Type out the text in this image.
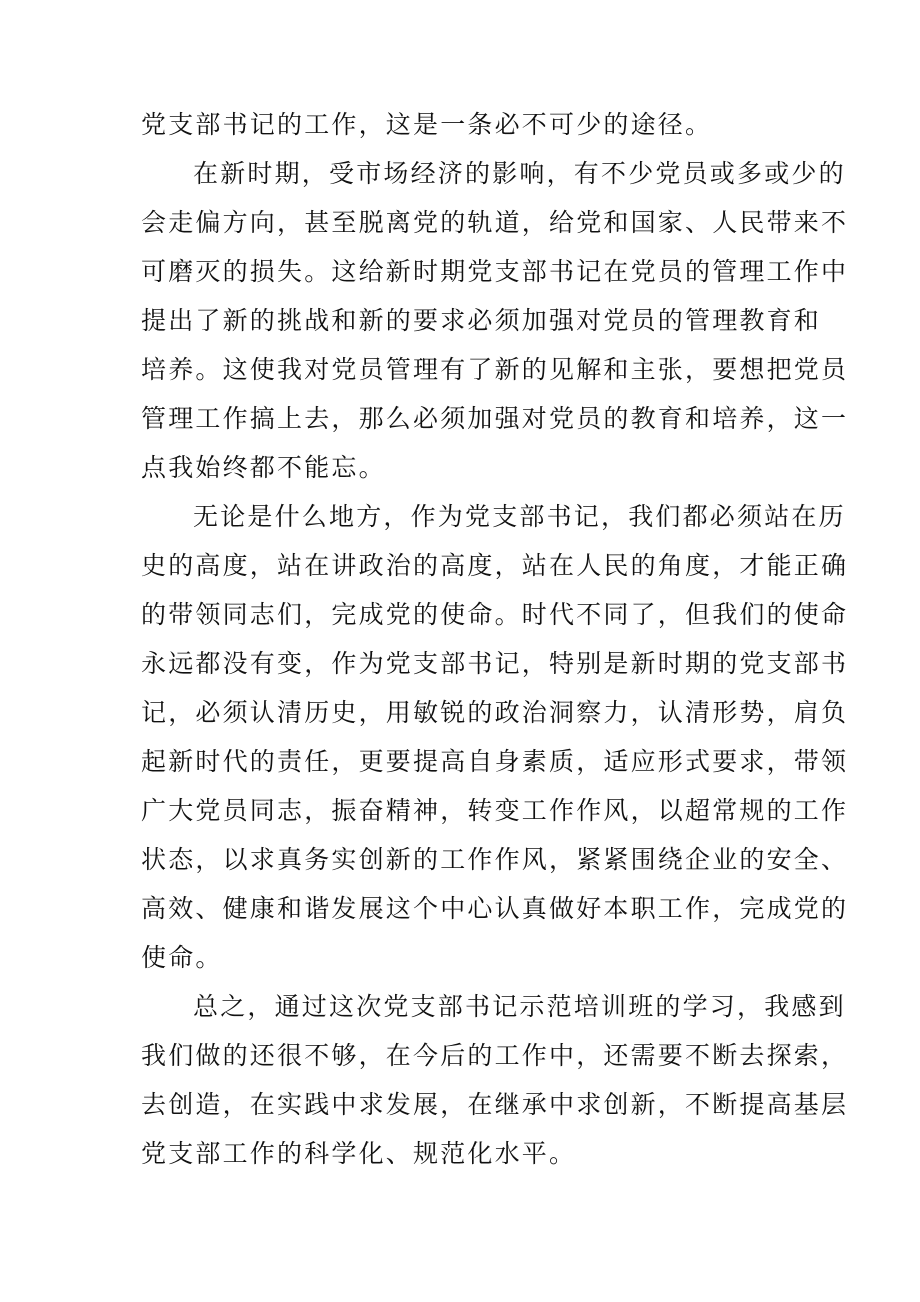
党支部书记的工作，这是一条必不可少的途径。
在新时期，受市场经济的影响，有不少党员或多或少的
会走偏方向，甚至脱离党的轨道，给党和国家、人民带来不
可磨灭的损失。这给新时期党支部书记在党员的管理工作中
提出了新的挑战和新的要求必须加强对党员的管理教育和
培养。这使我对党员管理有了新的见解和主张，要想把党员
管理工作搞上去，那么必须加强对党员的教育和培养，这一
点我始终都不能忘。
无论是什么地方，作为党支部书记，我们都必须站在历
史的高度，站在讲政治的高度，站在人民的角度，才能正确
的带领同志们，完成党的使命。时代不同了，但我们的使命
永远都没有变，作为党支部书记，特别是新时期的党支部书
记，必须认清历史，用敏锐的政治洞察力，认清形势，肩负
起新时代的责任，更要提高自身素质，适应形式要求，带领
广大党员同志，振奋精神，转变工作作风，以超常规的工作
状态，以求真务实创新的工作作风，紧紧围绕企业的安全、
高效、健康和谐发展这个中心认真做好本职工作，完成党的
使命。
总之，通过这次党支部书记示范培训班的学习，我感到
我们做的还很不够，在今后的工作中，还需要不断去探索，
去创造，在实践中求发展，在继承中求创新，不断提高基层
党支部工作的科学化、规范化水平。
